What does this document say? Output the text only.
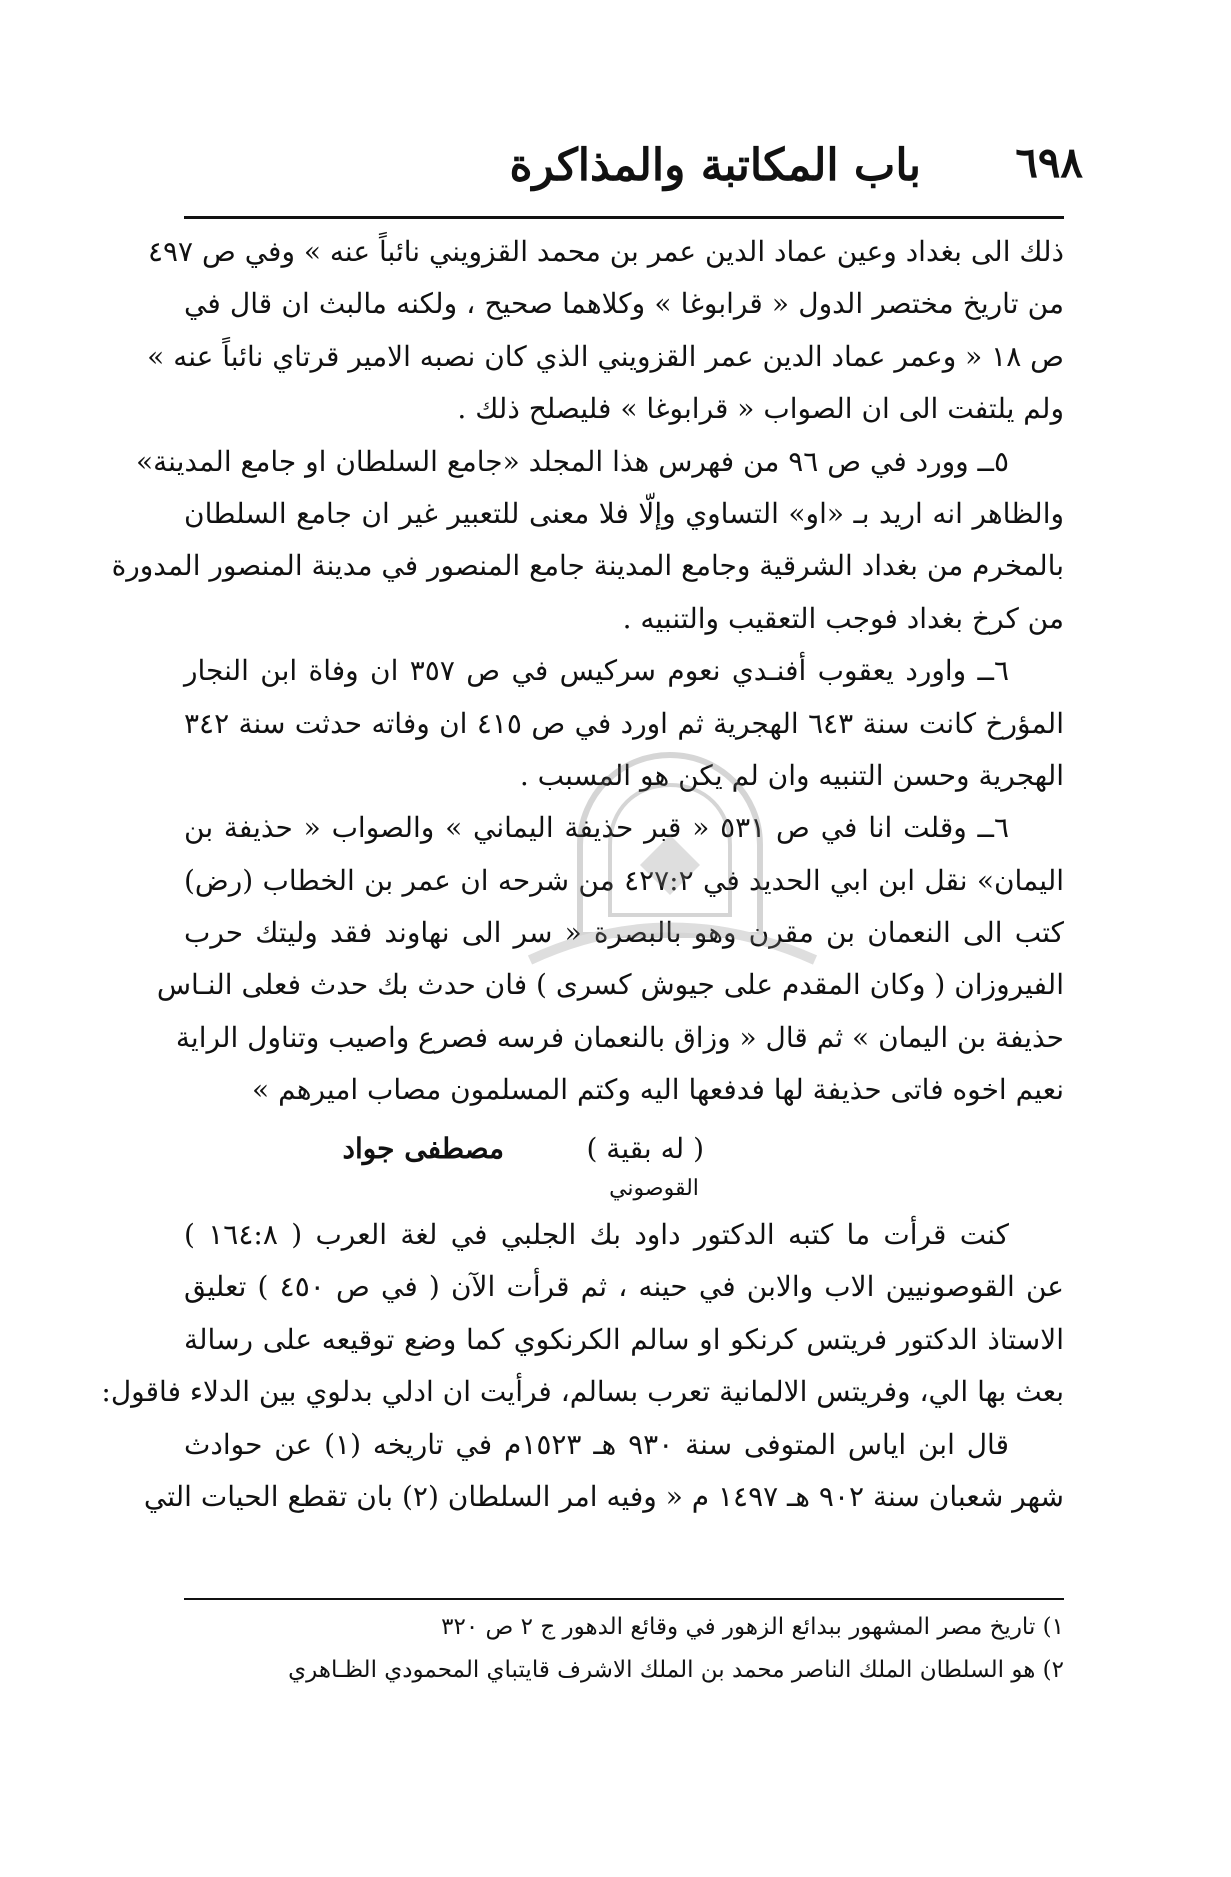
باب المكاتبة والمذاكرة ٦٩٨
ذلك الى بغداد وعين عماد الدين عمر بن محمد القزويني نائباً عنه » وفي ص ٤٩٧
من تاريخ مختصر الدول « قرابوغا » وكلاهما صحيح ، ولكنه مالبث ان قال في
ص ١٨ « وعمر عماد الدين عمر القزويني الذي كان نصبه الامير قرتاي نائباً عنه »
ولم يلتفت الى ان الصواب « قرابوغا » فليصلح ذلك .
٥ــ وورد في ص ٩٦ من فهرس هذا المجلد «جامع السلطان او جامع المدينة»
والظاهر انه اريد بـ «او» التساوي وإلّا فلا معنى للتعبير غير ان جامع السلطان
بالمخرم من بغداد الشرقية وجامع المدينة جامع المنصور في مدينة المنصور المدورة
من كرخ بغداد فوجب التعقيب والتنبيه .
٦ــ واورد يعقوب أفنـدي نعوم سركيس في ص ٣٥٧ ان وفاة ابن النجار
المؤرخ كانت سنة ٦٤٣ الهجرية ثم اورد في ص ٤١٥ ان وفاته حدثت سنة ٣٤٢
الهجرية وحسن التنبيه وان لم يكن هو المسبب .
٦ــ وقلت انا في ص ٥٣١ « قبر حذيفة اليماني » والصواب « حذيفة بن
اليمان» نقل ابن ابي الحديد في ٤٢٧:٢ من شرحه ان عمر بن الخطاب (رض)
كتب الى النعمان بن مقرن وهو بالبصرة « سر الى نهاوند فقد وليتك حرب
الفيروزان ( وكان المقدم على جيوش كسرى ) فان حدث بك حدث فعلى النـاس
حذيفة بن اليمان » ثم قال « وزاق بالنعمان فرسه فصرع واصيب وتناول الراية
نعيم اخوه فاتى حذيفة لها فدفعها اليه وكتم المسلمون مصاب اميرهم »
( له بقية )
مصطفى جواد
القوصوني
كنت قرأت ما كتبه الدكتور داود بك الجلبي في لغة العرب ( ١٦٤:٨ )
عن القوصونيين الاب والابن في حينه ، ثم قرأت الآن ( في ص ٤٥٠ ) تعليق
الاستاذ الدكتور فريتس كرنكو او سالم الكرنكوي كما وضع توقيعه على رسالة
بعث بها الي، وفريتس الالمانية تعرب بسالم، فرأيت ان ادلي بدلوي بين الدلاء فاقول:
قال ابن اياس المتوفى سنة ٩٣٠ هـ ١٥٢٣م في تاريخه (١) عن حوادث
شهر شعبان سنة ٩٠٢ هـ ١٤٩٧ م « وفيه امر السلطان (٢) بان تقطع الحيات التي
١) تاريخ مصر المشهور ببدائع الزهور في وقائع الدهور ج ٢ ص ٣٢٠
٢) هو السلطان الملك الناصر محمد بن الملك الاشرف قايتباي المحمودي الظـاهري
